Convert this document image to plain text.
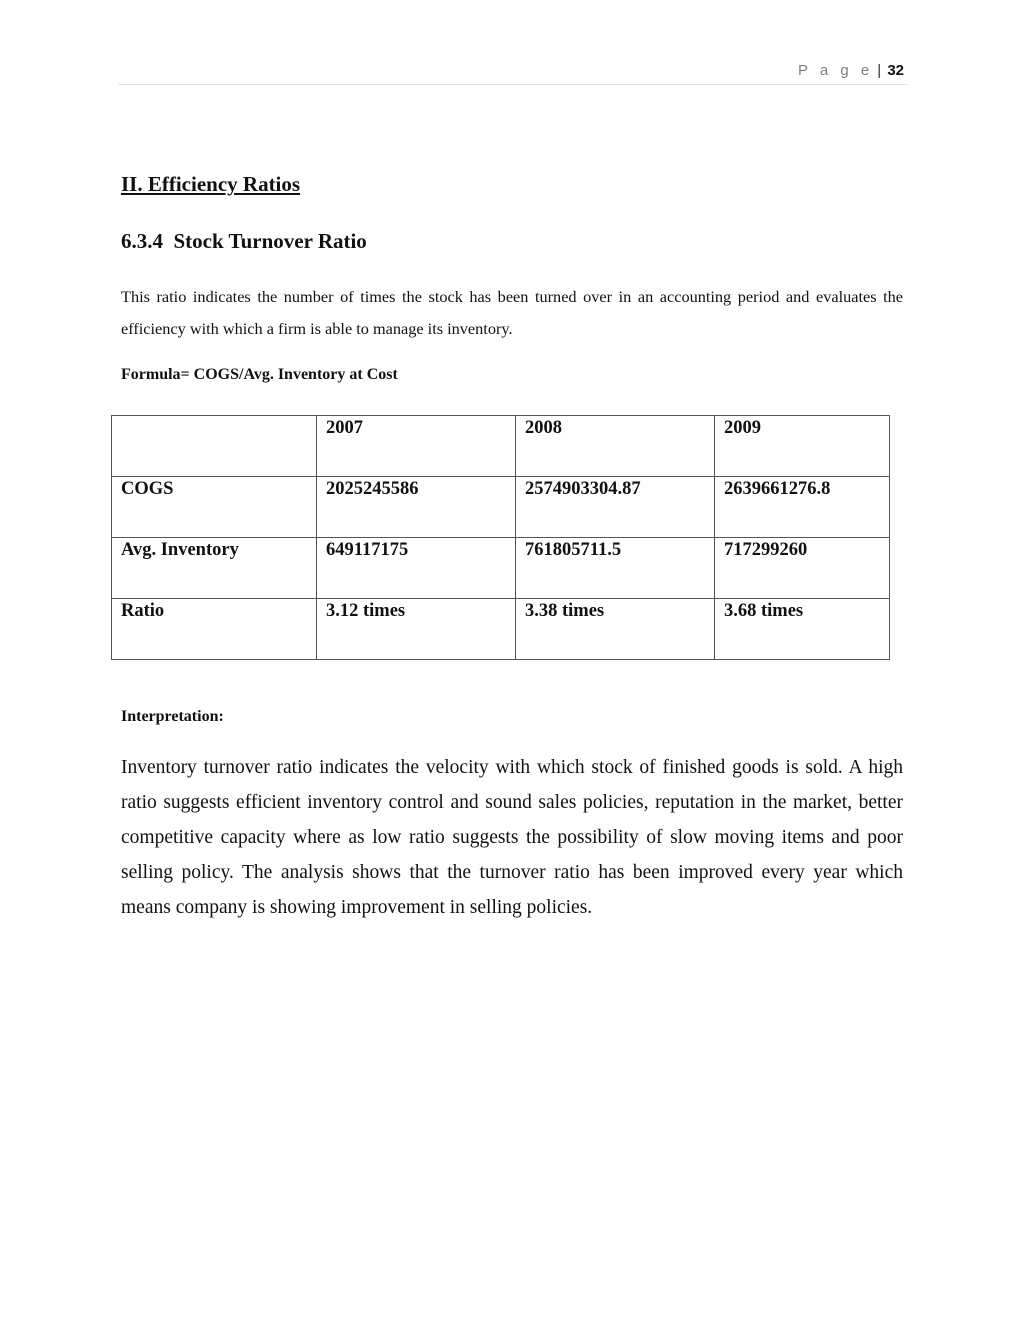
P a g e | 32
II. Efficiency Ratios
6.3.4  Stock Turnover Ratio

This ratio indicates the number of times the stock has been turned over in an accounting period and evaluates the efficiency with which a firm is able to manage its inventory.

Formula= COGS/Avg. Inventory at Cost

	2007	2008	2009

COGS	2025245586	2574903304.87	2639661276.8

Avg. Inventory	649117175	761805711.5	717299260

Ratio	3.12 times	3.38 times	3.68 times

Interpretation:

Inventory turnover ratio indicates the velocity with which stock of finished goods is sold. A high ratio suggests efficient inventory control and sound sales policies, reputation in the market, better competitive capacity where as low ratio suggests the possibility of slow moving items and poor selling policy. The analysis shows that the turnover ratio has been improved every year which means company is showing improvement in selling policies.
